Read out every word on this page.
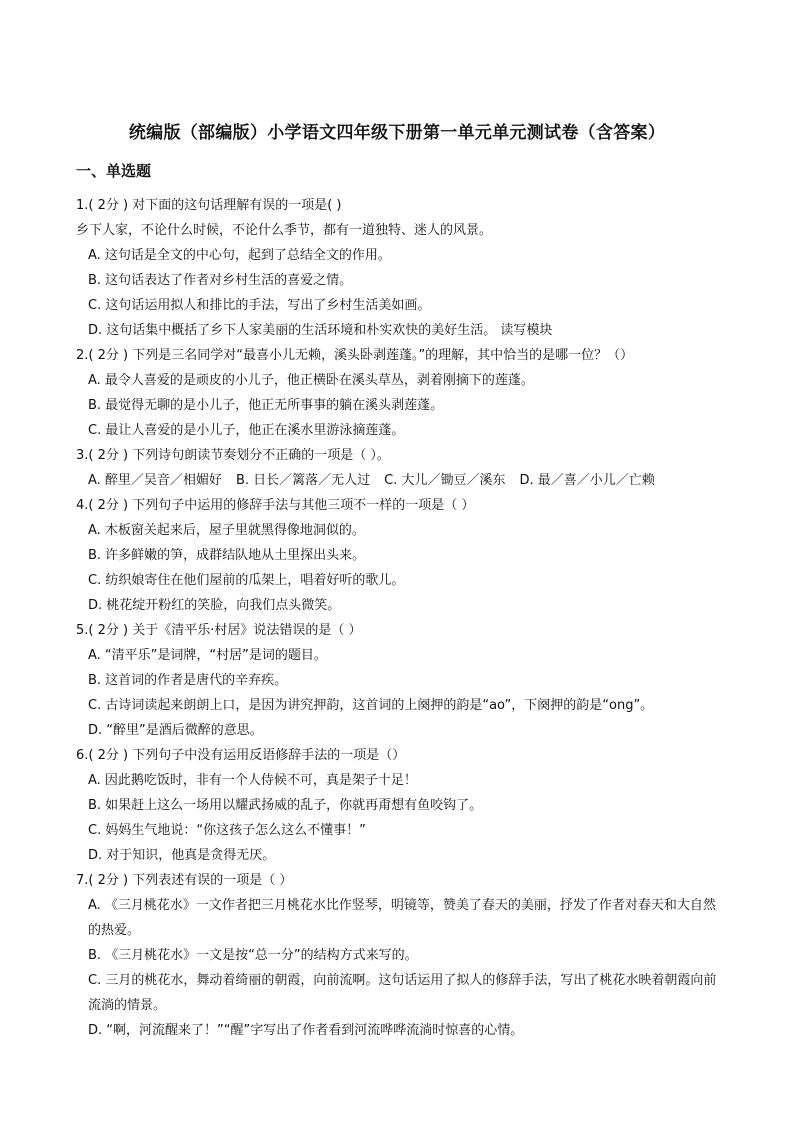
统编版（部编版）小学语文四年级下册第一单元单元测试卷（含答案）
一、单选题
1.( 2分 ) 对下面的这句话理解有误的一项是( )
乡下人家，不论什么时候，不论什么季节，都有一道独特、迷人的风景。
A. 这句话是全文的中心句，起到了总结全文的作用。
B. 这句话表达了作者对乡村生活的喜爱之情。
C. 这句话运用拟人和排比的手法，写出了乡村生活美如画。
D. 这句话集中概括了乡下人家美丽的生活环境和朴实欢快的美好生活。 读写模块
2.( 2分 ) 下列是三名同学对“最喜小儿无赖，溪头卧剥莲蓬。”的理解，其中恰当的是哪一位？（）
A. 最令人喜爱的是顽皮的小儿子，他正横卧在溪头草丛，剥着刚摘下的莲蓬。
B. 最觉得无聊的是小儿子，他正无所事事的躺在溪头剥莲蓬。
C. 最让人喜爱的是小儿子，他正在溪水里游泳摘莲蓬。
3.( 2分 ) 下列诗句朗读节奏划分不正确的一项是（ ）。
A. 醉里／吴音／相媚好 B. 日长／篱落／无人过 C. 大儿／锄豆／溪东 D. 最／喜／小儿／亡赖
4.( 2分 ) 下列句子中运用的修辞手法与其他三项不一样的一项是（ ）
A. 木板窗关起来后，屋子里就黑得像地洞似的。
B. 许多鲜嫩的笋，成群结队地从土里探出头来。
C. 纺织娘寄住在他们屋前的瓜架上，唱着好听的歌儿。
D. 桃花绽开粉红的笑脸，向我们点头微笑。
5.( 2分 ) 关于《清平乐·村居》说法错误的是（ ）
A. “清平乐”是词牌，“村居”是词的题目。
B. 这首词的作者是唐代的辛弃疾。
C. 古诗词读起来朗朗上口，是因为讲究押韵，这首词的上阕押的韵是“ao”，下阕押的韵是“ong”。
D. “醉里”是酒后微醉的意思。
6.( 2分 ) 下列句子中没有运用反语修辞手法的一项是（）
A. 因此鹅吃饭时，非有一个人侍候不可，真是架子十足！
B. 如果赶上这么一场用以耀武扬威的乱子，你就再甭想有鱼咬钩了。
C. 妈妈生气地说：“你这孩子怎么这么不懂事！”
D. 对于知识，他真是贪得无厌。
7.( 2分 ) 下列表述有误的一项是（ ）
A. 《三月桃花水》一文作者把三月桃花水比作竖琴，明镜等，赞美了春天的美丽，抒发了作者对春天和大自然的热爱。
B. 《三月桃花水》一文是按“总一分”的结构方式来写的。
C. 三月的桃花水，舞动着绮丽的朝霞，向前流啊。这句话运用了拟人的修辞手法，写出了桃花水映着朝霞向前流淌的情景。
D. “啊，河流醒来了！”“醒”字写出了作者看到河流哗哗流淌时惊喜的心情。
